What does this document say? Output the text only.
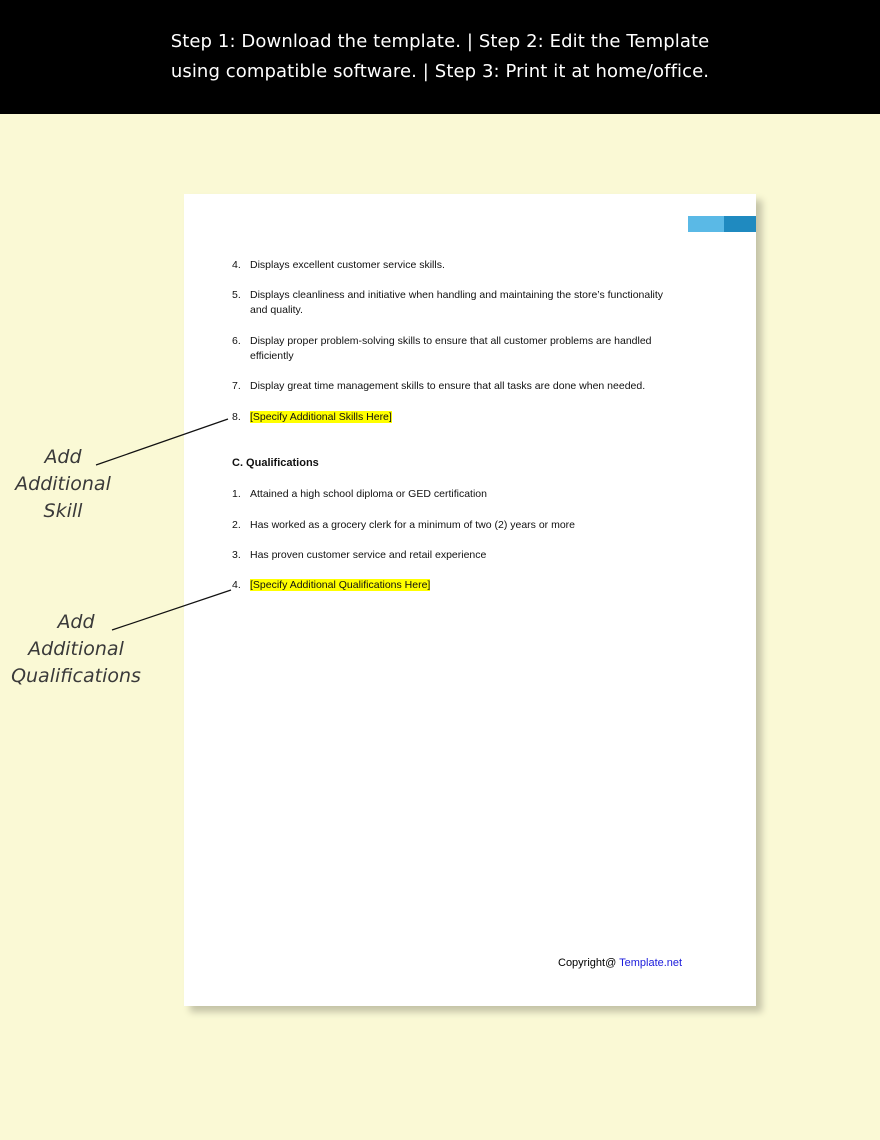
Step 1: Download the template. | Step 2: Edit the Template
using compatible software. | Step 3: Print it at home/office.
4. Displays excellent customer service skills.
5. Displays cleanliness and initiative when handling and maintaining the store’s functionality and quality.
6. Display proper problem-solving skills to ensure that all customer problems are handled efficiently
7. Display great time management skills to ensure that all tasks are done when needed.
8. [Specify Additional Skills Here]
C. Qualifications
1. Attained a high school diploma or GED certification
2. Has worked as a grocery clerk for a minimum of two (2) years or more
3. Has proven customer service and retail experience
4. [Specify Additional Qualifications Here]
Copyright@ Template.net
Add
Additional
Skill
Add
Additional
Qualifications
